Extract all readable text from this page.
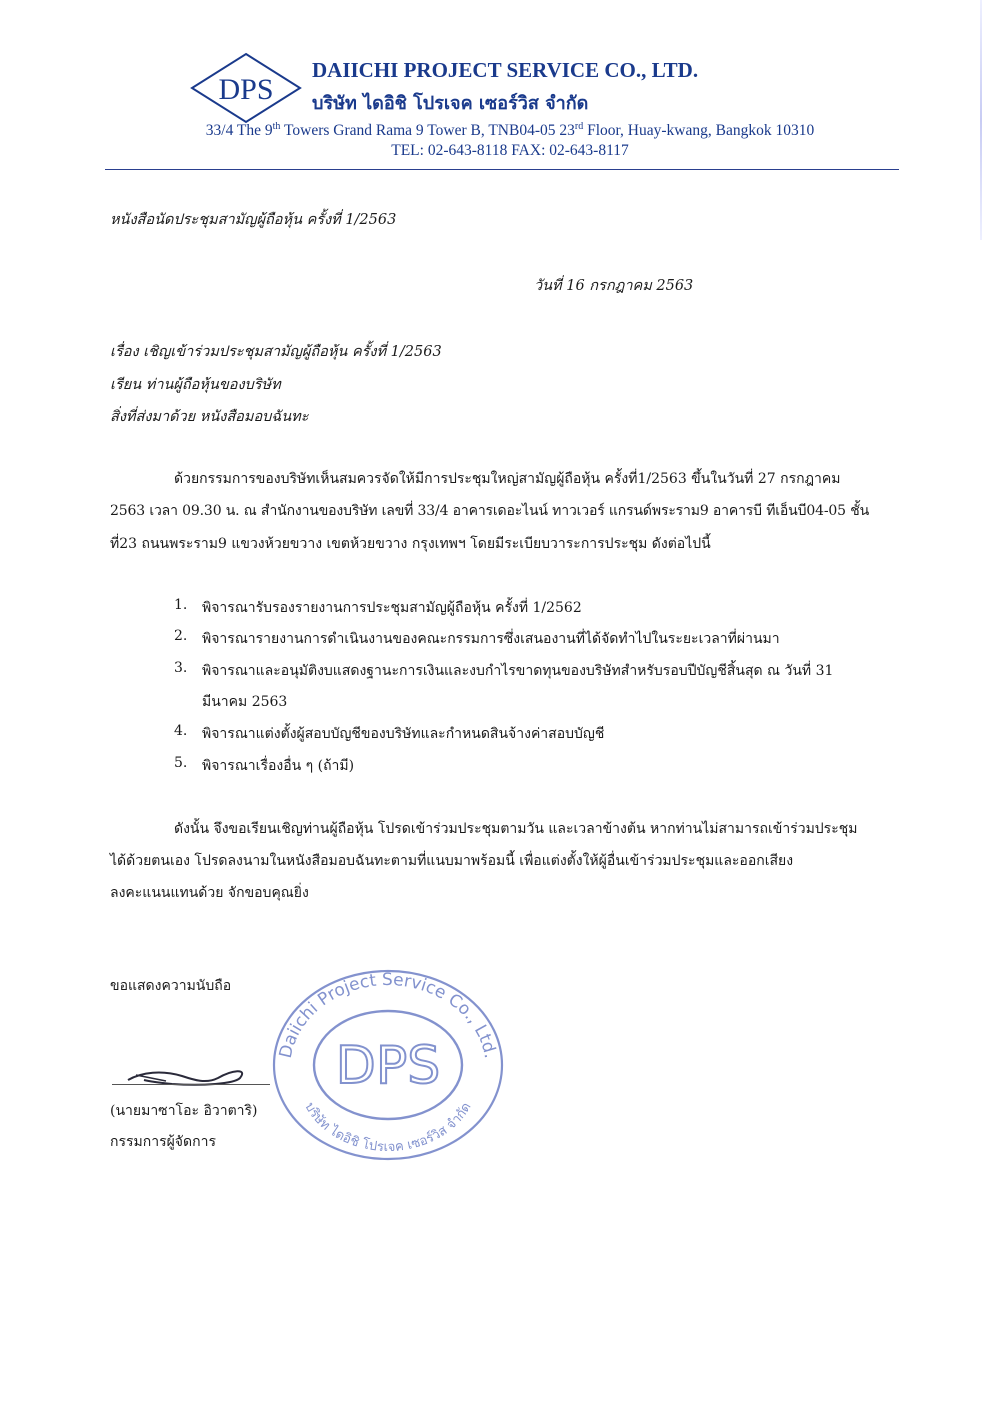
DPS
DAIICHI PROJECT SERVICE CO., LTD.
บริษัท ไดอิชิ โปรเจค เซอร์วิส จำกัด
33/4 The 9th Towers Grand Rama 9 Tower B, TNB04-05 23rd Floor, Huay-kwang, Bangkok 10310
TEL: 02-643-8118 FAX: 02-643-8117
หนังสือนัดประชุมสามัญผู้ถือหุ้น ครั้งที่ 1/2563
วันที่ 16 กรกฎาคม 2563
เรื่อง เชิญเข้าร่วมประชุมสามัญผู้ถือหุ้น ครั้งที่ 1/2563
เรียน ท่านผู้ถือหุ้นของบริษัท
สิ่งที่ส่งมาด้วย หนังสือมอบฉันทะ
ด้วยกรรมการของบริษัทเห็นสมควรจัดให้มีการประชุมใหญ่สามัญผู้ถือหุ้น ครั้งที่1/2563 ขึ้นในวันที่ 27 กรกฎาคม
2563 เวลา 09.30 น. ณ สำนักงานของบริษัท เลขที่ 33/4 อาคารเดอะไนน์ ทาวเวอร์ แกรนด์พระราม9 อาคารบี ทีเอ็นบี04-05 ชั้น
ที่23 ถนนพระราม9 แขวงห้วยขวาง เขตห้วยขวาง กรุงเทพฯ โดยมีระเบียบวาระการประชุม ดังต่อไปนี้
1. พิจารณารับรองรายงานการประชุมสามัญผู้ถือหุ้น ครั้งที่ 1/2562
2. พิจารณารายงานการดำเนินงานของคณะกรรมการซึ่งเสนองานที่ได้จัดทำไปในระยะเวลาที่ผ่านมา
3. พิจารณาและอนุมัติงบแสดงฐานะการเงินและงบกำไรขาดทุนของบริษัทสำหรับรอบปีบัญชีสิ้นสุด ณ วันที่ 31
มีนาคม 2563
4. พิจารณาแต่งตั้งผู้สอบบัญชีของบริษัทและกำหนดสินจ้างค่าสอบบัญชี
5. พิจารณาเรื่องอื่น ๆ (ถ้ามี)
ดังนั้น จึงขอเรียนเชิญท่านผู้ถือหุ้น โปรดเข้าร่วมประชุมตามวัน และเวลาข้างต้น หากท่านไม่สามารถเข้าร่วมประชุม
ได้ด้วยตนเอง โปรดลงนามในหนังสือมอบฉันทะตามที่แนบมาพร้อมนี้ เพื่อแต่งตั้งให้ผู้อื่นเข้าร่วมประชุมและออกเสียง
ลงคะแนนแทนด้วย จักขอบคุณยิ่ง
ขอแสดงความนับถือ
(นายมาซาโอะ อิวาตาริ)
กรรมการผู้จัดการ
DPS
Daiichi Project Service Co., Ltd.
บริษัท ไดอิชิ โปรเจค เซอร์วิส จำกัด
